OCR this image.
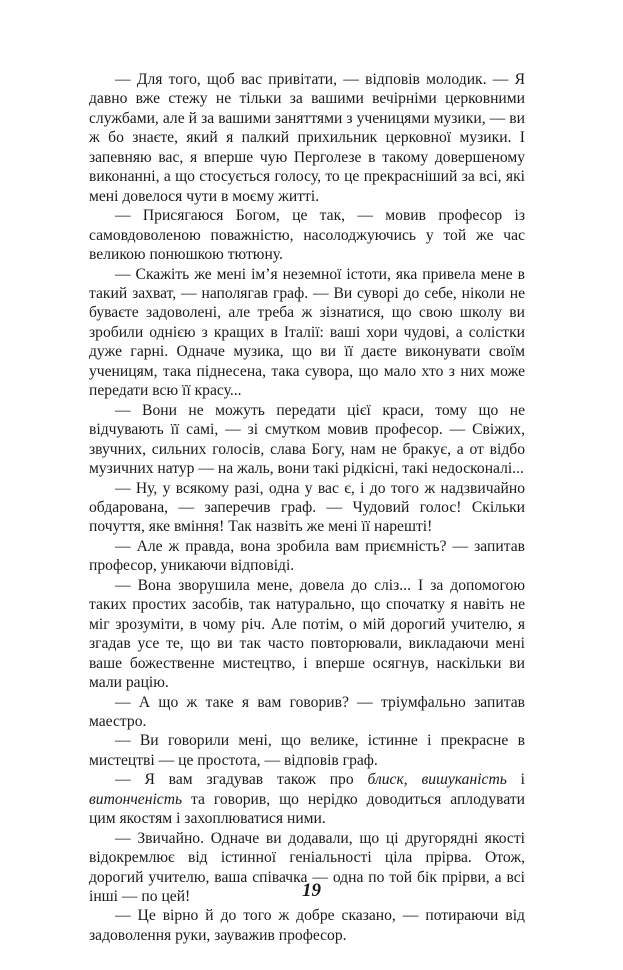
— Для того, щоб вас привітати, — відповів молодик. — Я давно вже стежу не тільки за вашими вечірніми церковними службами, але й за вашими заняттями з ученицями музики, — ви ж бо знаєте, який я палкий прихильник церковної музики. І запевняю вас, я вперше чую Перголезе в такому довершеному виконанні, а що стосується голосу, то це прекрасніший за всі, які мені довелося чути в моєму житті.

— Присягаюся Богом, це так, — мовив професор із самовдоволеною поважністю, насолоджуючись у той же час великою понюшкою тютюну.

— Скажіть же мені ім’я неземної істоти, яка привела мене в такий захват, — наполягав граф. — Ви суворі до себе, ніколи не буваєте задоволені, але треба ж зізнатися, що свою школу ви зробили однією з кращих в Італії: ваші хори чудові, а солістки дуже гарні. Одначе музика, що ви її даєте виконувати своїм ученицям, така піднесена, така сувора, що мало хто з них може передати всю її красу...

— Вони не можуть передати цієї краси, тому що не відчувають її самі, — зі смутком мовив професор. — Свіжих, звучних, сильних голосів, слава Богу, нам не бракує, а от відбо музичних натур — на жаль, вони такі рідкісні, такі недосконалі...

— Ну, у всякому разі, одна у вас є, і до того ж надзвичайно обдарована, — заперечив граф. — Чудовий голос! Скільки почуття, яке вміння! Так назвіть же мені її нарешті!

— Але ж правда, вона зробила вам приємність? — запитав професор, уникаючи відповіді.

— Вона зворушила мене, довела до сліз... І за допомогою таких простих засобів, так натурально, що спочатку я навіть не міг зрозуміти, в чому річ. Але потім, о мій дорогий учителю, я згадав усе те, що ви так часто повторювали, викладаючи мені ваше божественне мистецтво, і вперше осягнув, наскільки ви мали рацію.

— А що ж таке я вам говорив? — тріумфально запитав маестро.

— Ви говорили мені, що велике, істинне і прекрасне в мистецтві — це простота, — відповів граф.

— Я вам згадував також про блиск, вишуканість і витонченість та говорив, що нерідко доводиться аплодувати цим якостям і захоплюватися ними.

— Звичайно. Одначе ви додавали, що ці другорядні якості відокремлює від істинної геніальності ціла прірва. Отож, дорогий учителю, ваша співачка — одна по той бік прірви, а всі інші — по цей!

— Це вірно й до того ж добре сказано, — потираючи від задоволення руки, зауважив професор.

19
